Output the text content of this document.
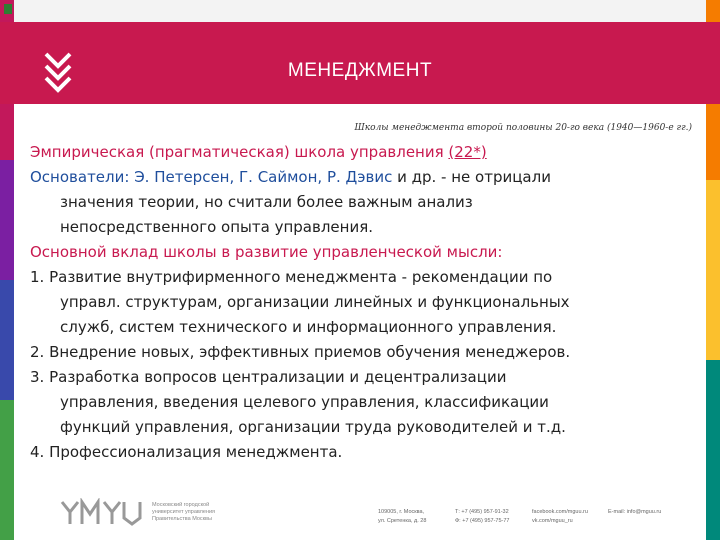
МЕНЕДЖМЕНТ
Школы менеджмента второй половины 20-го века (1940—1960-е гг.)

Эмпирическая (прагматическая) школа управления (22*)

Основатели: Э. Петерсен, Г. Саймон, Р. Дэвис и др. - не отрицали

значения теории, но считали более важным анализ

непосредственного опыта управления.

Основной вклад школы в развитие управленческой мысли:

1. Развитие внутрифирменного менеджмента - рекомендации по

управл. структурам, организации линейных и функциональных

служб, систем технического и информационного управления.

2. Внедрение новых, эффективных приемов обучения менеджеров.

3. Разработка вопросов централизации и децентрализации

управления, введения целевого управления, классификации

функций управления, организации труда руководителей и т.д.

4. Профессионализация менеджмента.

Московский городской университет управления Правительства Москвы
109005, г. Москва,
ул. Сретенка, д. 28
Т: +7 (495) 957-91-32
Ф: +7 (495) 957-75-77
facebook.com/mguu.ru
vk.com/mguu_ru
E-mail: info@mguu.ru
